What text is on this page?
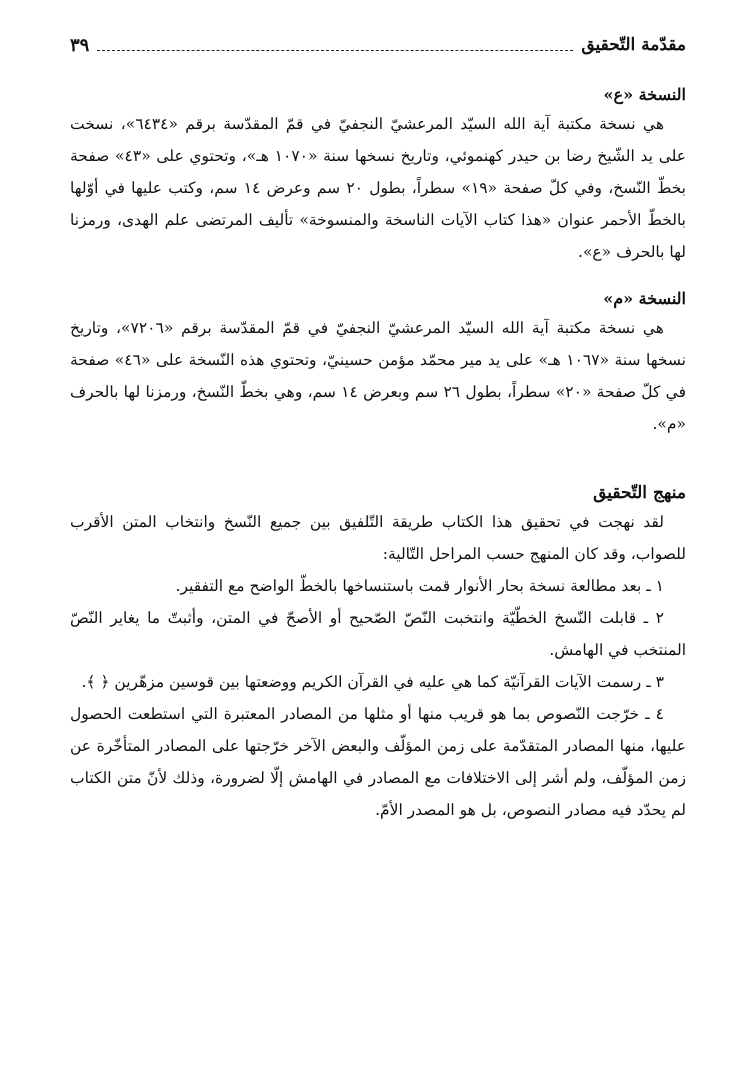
مقدّمة التّحقيق
٣٩
النسخة «ع»

هي نسخة مكتبة آية الله السيّد المرعشيّ النجفيّ في قمّ المقدّسة برقم «٦٤٣٤»، نسخت على يد الشّيخ رضا بن حيدر كهنموئي، وتاريخ نسخها سنة «١٠٧٠ هـ»، وتحتوي على «٤٣» صفحة بخطّ النّسخ، وفي كلّ صفحة «١٩» سطراً، بطول ٢٠ سم وعرض ١٤ سم، وكتب عليها في أوّلها بالخطّ الأحمر عنوان «هذا كتاب الآيات الناسخة والمنسوخة» تأليف المرتضى علم الهدى، ورمزنا لها بالحرف «ع».

النسخة «م»

هي نسخة مكتبة آية الله السيّد المرعشيّ النجفيّ في قمّ المقدّسة برقم «٧٢٠٦»، وتاريخ نسخها سنة «١٠٦٧ هـ» على يد مير محمّد مؤمن حسينيّ، وتحتوي هذه النّسخة على «٤٦» صفحة في كلّ صفحة «٢٠» سطراً، بطول ٢٦ سم وبعرض ١٤ سم، وهي بخطّ النّسخ، ورمزنا لها بالحرف «م».

منهج التّحقيق

لقد نهجت في تحقيق هذا الكتاب طريقة التّلفيق بين جميع النّسخ وانتخاب المتن الأقرب للصواب، وقد كان المنهج حسب المراحل التّالية:

١ ـ بعد مطالعة نسخة بحار الأنوار قمت باستنساخها بالخطّ الواضح مع التفقير.

٢ ـ قابلت النّسخ الخطّيّة وانتخبت النّصّ الصّحيح أو الأصحّ في المتن، وأثبتّ ما يغاير النّصّ المنتخب في الهامش.

٣ ـ رسمت الآيات القرآنيّة كما هي عليه في القرآن الكريم ووضعتها بين قوسين مزهّرين ﴿ ﴾.

٤ ـ خرّجت النّصوص بما هو قريب منها أو مثلها من المصادر المعتبرة التي استطعت الحصول عليها، منها المصادر المتقدّمة على زمن المؤلّف والبعض الآخر خرّجتها على المصادر المتأخّرة عن زمن المؤلّف، ولم أشر إلى الاختلافات مع المصادر في الهامش إلّا لضرورة، وذلك لأنّ متن الكتاب لم يحدّد فيه مصادر النصوص، بل هو المصدر الأمّ.
